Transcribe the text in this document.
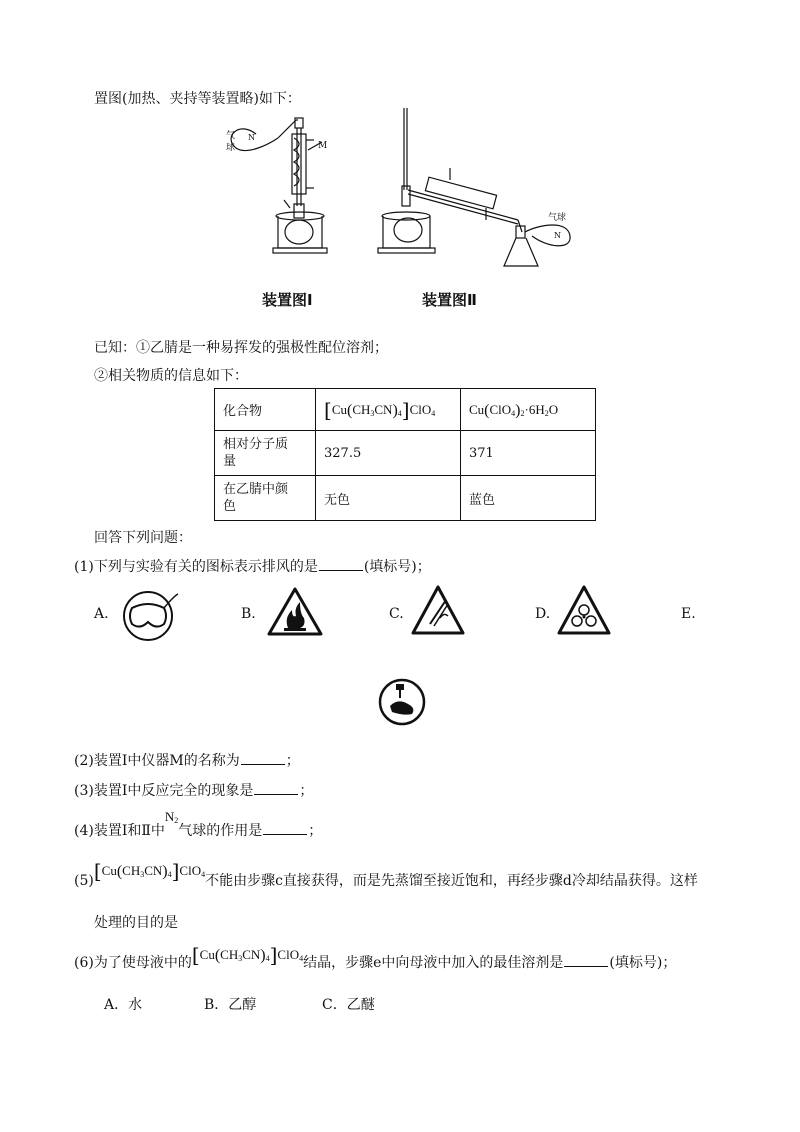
置图(加热、夹持等装置略)如下：
气
球
N
M
气球
N
装置图Ⅰ	装置图Ⅱ
已知：①乙腈是一种易挥发的强极性配位溶剂；
②相关物质的信息如下：
化合物	$[Cu(CH_3CN)_4]ClO_4$	$Cu(ClO_4)_2\cdot 6H_2O$
相对分子质
量	327.5	371
在乙腈中颜
色	无色	蓝色
回答下列问题：
(1)下列与实验有关的图标表示排风的是	(填标号)；
A.	B.	C.	D.	E.
(2)装置Ⅰ中仪器M的名称为	；
(3)装置Ⅰ中反应完全的现象是	；
(4)装置Ⅰ和Ⅱ中$N_2$气球的作用是	；
$(5)[Cu(CH_3CN)_4]ClO_4$不能由步骤c直接获得，而是先蒸馏至接近饱和，再经步骤d冷却结晶获得。这样
处理的目的是
(6)为了使母液中的$[Cu(CH_3CN)_4]ClO_4$结晶，步骤e中向母液中加入的最佳溶剂是	(填标号)；
A．水	B．乙醇	C．乙醚
